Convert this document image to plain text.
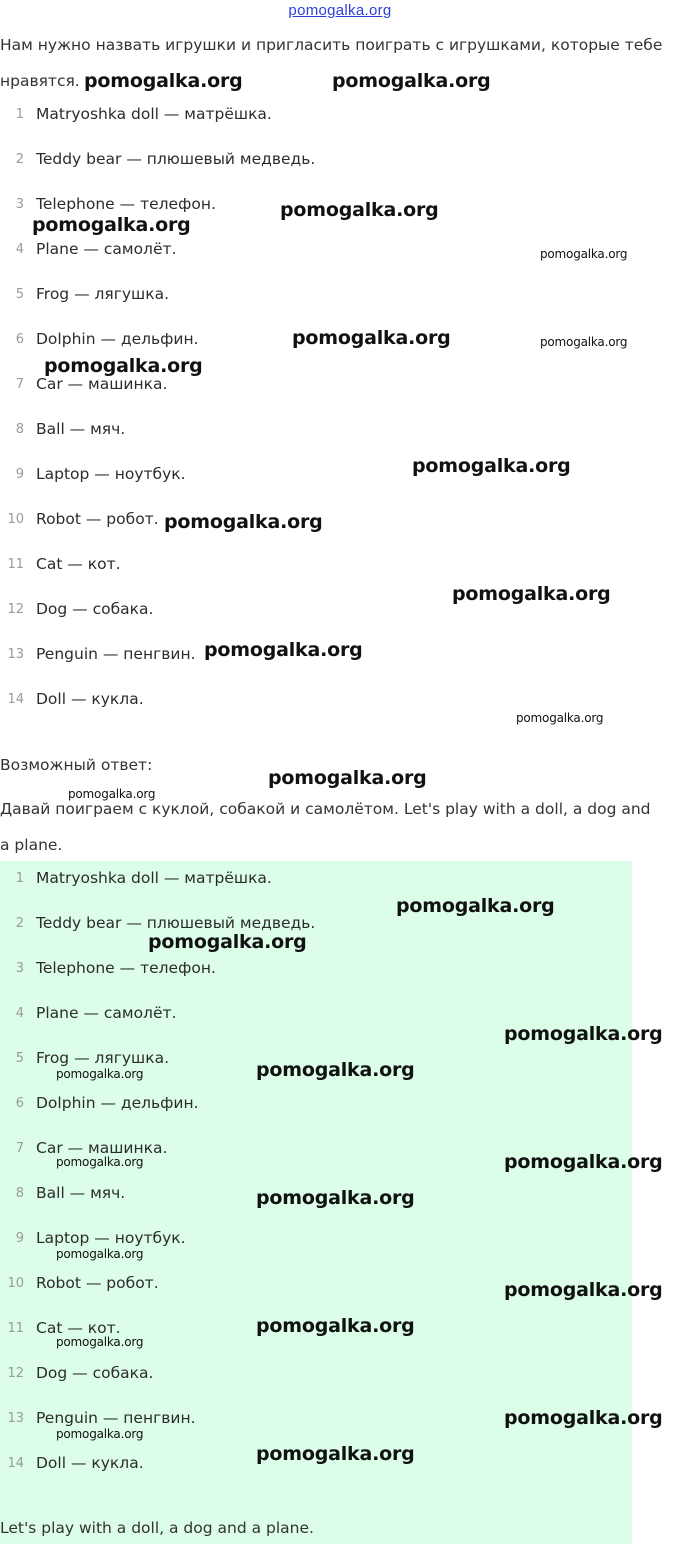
pomogalka.org
Нам нужно назвать игрушки и пригласить поиграть с игрушками, которые тебе
нравятся.
1 Matryoshka doll — матрёшка.
2 Teddy bear — плюшевый медведь.
3 Telephone — телефон.
4 Plane — самолёт.
5 Frog — лягушка.
6 Dolphin — дельфин.
7 Car — машинка.
8 Ball — мяч.
9 Laptop — ноутбук.
10 Robot — робот.
11 Cat — кот.
12 Dog — собака.
13 Penguin — пенгвин.
14 Doll — кукла.
Возможный ответ:
Давай поиграем с куклой, собакой и самолётом. Let's play with a doll, a dog and
a plane.
1 Matryoshka doll — матрёшка.
2 Teddy bear — плюшевый медведь.
3 Telephone — телефон.
4 Plane — самолёт.
5 Frog — лягушка.
6 Dolphin — дельфин.
7 Car — машинка.
8 Ball — мяч.
9 Laptop — ноутбук.
10 Robot — робот.
11 Cat — кот.
12 Dog — собака.
13 Penguin — пенгвин.
14 Doll — кукла.
Let's play with a doll, a dog and a plane.
pomogalka.org	pomogalka.org
pomogalka.org
pomogalka.org
pomogalka.org
pomogalka.org	pomogalka.org
pomogalka.org
pomogalka.org
pomogalka.org
pomogalka.org
pomogalka.org
pomogalka.org
pomogalka.org
pomogalka.org
pomogalka.org
pomogalka.org
pomogalka.org
pomogalka.org
pomogalka.org
pomogalka.org
pomogalka.org
pomogalka.org
pomogalka.org
pomogalka.org
pomogalka.org
pomogalka.org
pomogalka.org
pomogalka.org
pomogalka.org
